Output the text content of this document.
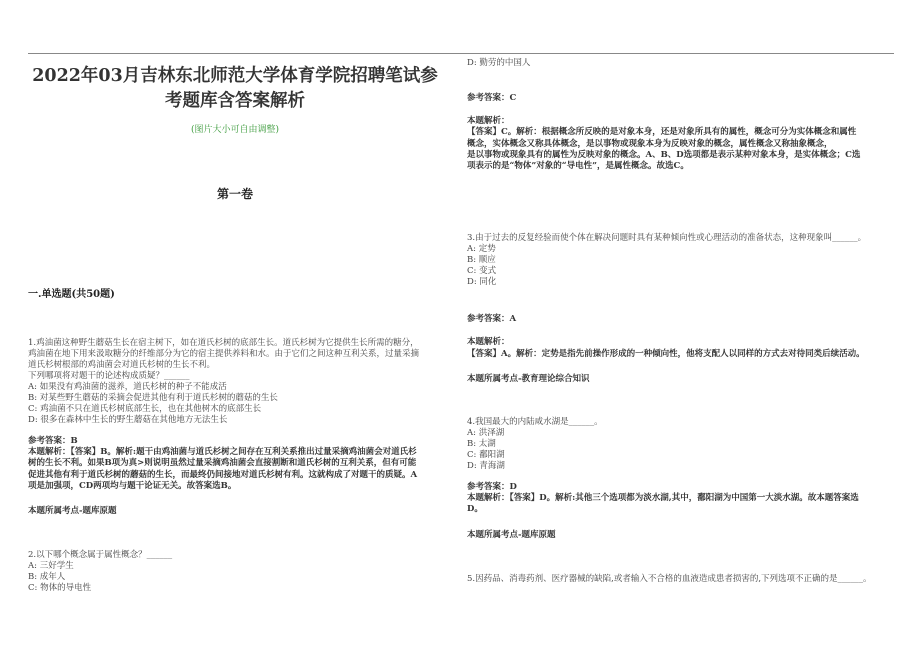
2022年03月吉林东北师范大学体育学院招聘笔试参
考题库含答案解析
(图片大小可自由调整)
第一卷
一.单选题(共50题)

1.鸡油菌这种野生蘑菇生长在宿主树下，如在道氏杉树的底部生长。道氏杉树为它提供生长所需的糖分，

鸡油菌在地下用来汲取糖分的纤维部分为它的宿主提供养料和水。由于它们之间这种互利关系，过量采摘

道氏杉树根部的鸡油菌会对道氏杉树的生长不利。

下列哪项将对题干的论述构成质疑？______

A: 如果没有鸡油菌的滋养，道氏杉树的种子不能成活

B: 对某些野生蘑菇的采摘会促进其他有利于道氏杉树的蘑菇的生长

C: 鸡油菌不只在道氏杉树底部生长，也在其他树木的底部生长

D: 很多在森林中生长的野生蘑菇在其他地方无法生长

参考答案：B

本题解析：【答案】B。解析:题干由鸡油菌与道氏杉树之间存在互利关系推出过量采摘鸡油菌会对道氏杉

树的生长不利。如果B项为真>则说明虽然过量采摘鸡油菌会直接割断和道氏杉树的互利关系，但有可能

促进其他有利于道氏杉树的蘑菇的生长，而最终仍间接地对道氏杉树有利。这就构成了对题干的质疑。A

项是加强项，CD两项均与题干论证无关。故答案选B。

本题所属考点-题库原题

2.以下哪个概念属于属性概念？______

A: 三好学生

B: 成年人

C: 物体的导电性

D: 勤劳的中国人

参考答案：C

本题解析：

【答案】C。解析：根据概念所反映的是对象本身，还是对象所具有的属性，概念可分为实体概念和属性

概念，实体概念又称具体概念，是以事物或现象本身为反映对象的概念，属性概念又称抽象概念，

是以事物或现象具有的属性为反映对象的概念。A、B、D选项都是表示某种对象本身，是实体概念；C选

项表示的是“物体”对象的“导电性”，是属性概念。故选C。

3.由于过去的反复经验而使个体在解决问题时具有某种倾向性或心理活动的准备状态，这种现象叫______。

A: 定势

B: 顺应

C: 变式

D: 同化

参考答案：A

本题解析：

【答案】A。解析：定势是指先前操作形成的一种倾向性，他将支配人以同样的方式去对待同类后续活动。

本题所属考点-教育理论综合知识

4.我国最大的内陆咸水湖是______。

A: 洪泽湖

B: 太湖

C: 鄱阳湖

D: 青海湖

参考答案：D

本题解析：【答案】D。解析:其他三个选项都为淡水湖,其中，鄱阳湖为中国第一大淡水湖。故本题答案选

D。

本题所属考点-题库原题

5.因药品、消毒药剂、医疗器械的缺陷,或者输入不合格的血液造成患者损害的,下列选项不正确的是______。
